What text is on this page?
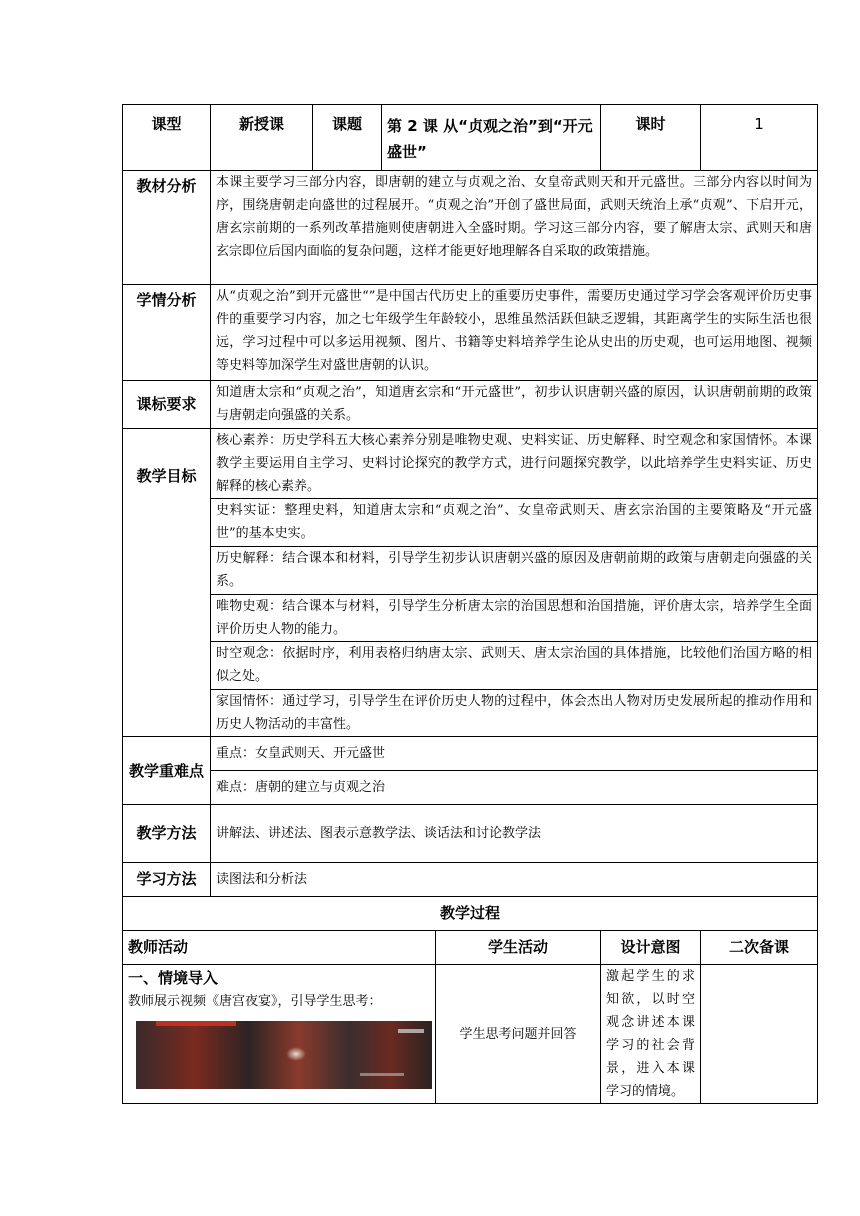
课型	新授课	课题	第 2 课 从“贞观之治”到“开元盛世”		课时	1
教材分析	本课主要学习三部分内容，即唐朝的建立与贞观之治、女皇帝武则天和开元盛世。三部分内容以时间为序，围绕唐朝走向盛世的过程展开。“贞观之治”开创了盛世局面，武则天统治上承“贞观”、下启开元，唐玄宗前期的一系列改革措施则使唐朝进入全盛时期。学习这三部分内容，要了解唐太宗、武则天和唐玄宗即位后国内面临的复杂问题，这样才能更好地理解各自采取的政策措施。					
学情分析	从“贞观之治”到开元盛世“”是中国古代历史上的重要历史事件，需要历史通过学习学会客观评价历史事件的重要学习内容，加之七年级学生年龄较小，思维虽然活跃但缺乏逻辑，其距离学生的实际生活也很远，学习过程中可以多运用视频、图片、书籍等史料培养学生论从史出的历史观，也可运用地图、视频等史料等加深学生对盛世唐朝的认识。					
课标要求	知道唐太宗和“贞观之治”，知道唐玄宗和“开元盛世”，初步认识唐朝兴盛的原因，认识唐朝前期的政策与唐朝走向强盛的关系。					
教学目标	核心素养：历史学科五大核心素养分别是唯物史观、史料实证、历史解释、时空观念和家国情怀。本课教学主要运用自主学习、史料讨论探究的教学方式，进行问题探究教学，以此培养学生史料实证、历史解释的核心素养。					
	史料实证：整理史料，知道唐太宗和“贞观之治”、女皇帝武则天、唐玄宗治国的主要策略及“开元盛世”的基本史实。					
	历史解释：结合课本和材料，引导学生初步认识唐朝兴盛的原因及唐朝前期的政策与唐朝走向强盛的关系。					
	唯物史观：结合课本与材料，引导学生分析唐太宗的治国思想和治国措施，评价唐太宗，培养学生全面评价历史人物的能力。					
	时空观念：依据时序，利用表格归纳唐太宗、武则天、唐太宗治国的具体措施，比较他们治国方略的相似之处。					
	家国情怀：通过学习，引导学生在评价历史人物的过程中，体会杰出人物对历史发展所起的推动作用和历史人物活动的丰富性。					
教学重难点	重点：女皇武则天、开元盛世					
	难点：唐朝的建立与贞观之治					
教学方法	讲解法、讲述法、图表示意教学法、谈话法和讨论教学法					
学习方法	读图法和分析法					
教学过程						
教师活动				学生活动	设计意图	二次备课

一、情境导入
教师展示视频《唐宫夜宴》，引导学生思考：				学生思考问题并回答	激起学生的求知欲，以时空观念讲述本课学习的社会背景，进入本课学习的情境。	
